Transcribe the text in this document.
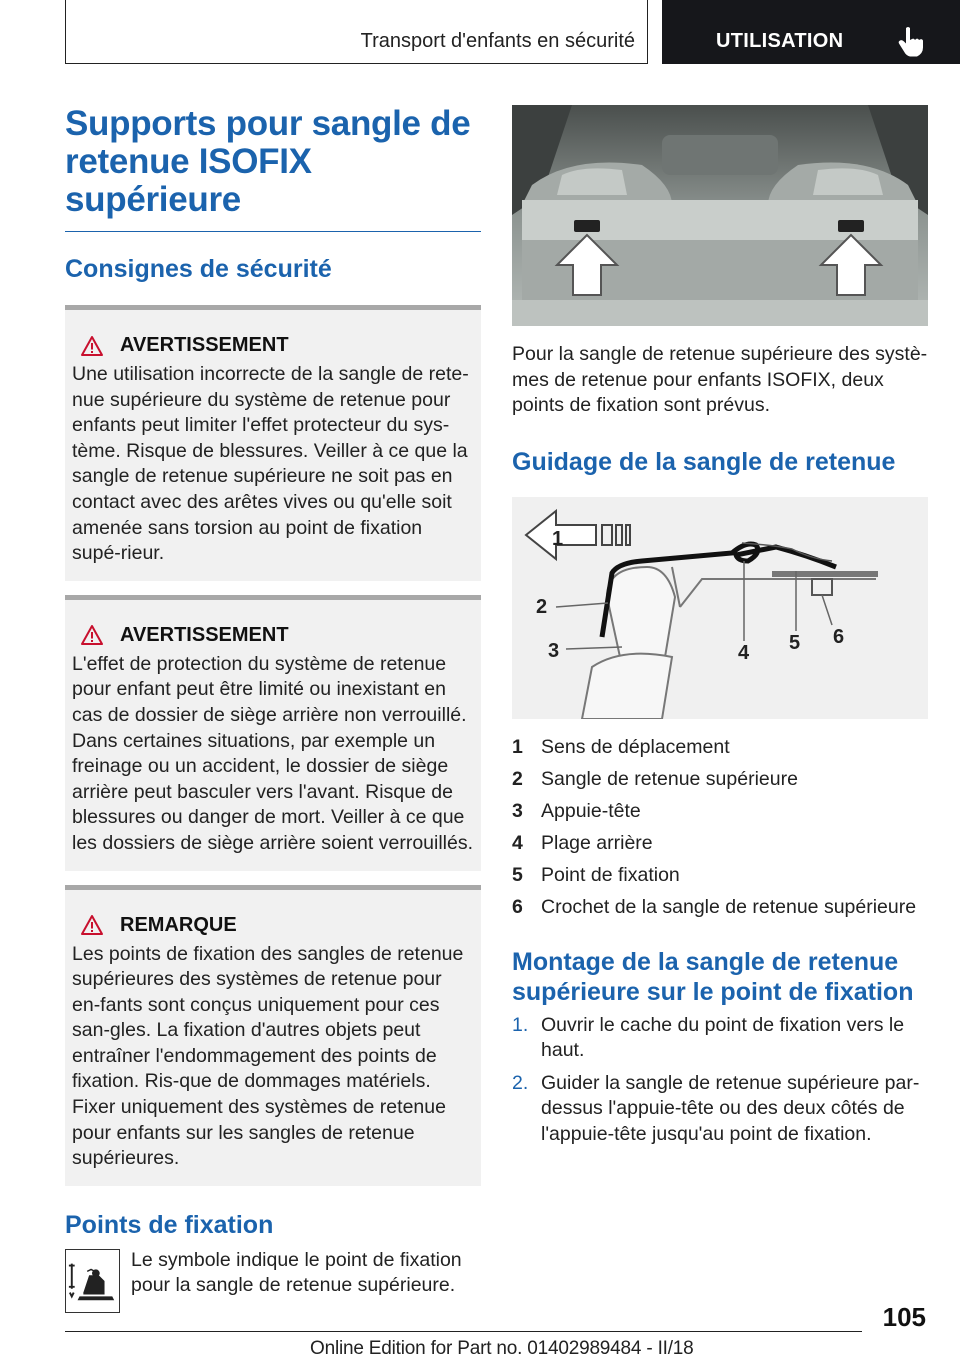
Transport d'enfants en sécurité	UTILISATION
Supports pour sangle de retenue ISOFIX supérieure
Consignes de sécurité
AVERTISSEMENT

Une utilisation incorrecte de la sangle de rete-nue supérieure du système de retenue pour enfants peut limiter l'effet protecteur du sys-tème. Risque de blessures. Veiller à ce que la sangle de retenue supérieure ne soit pas en contact avec des arêtes vives ou qu'elle soit amenée sans torsion au point de fixation supé-rieur.

AVERTISSEMENT

L'effet de protection du système de retenue pour enfant peut être limité ou inexistant en cas de dossier de siège arrière non verrouillé. Dans certaines situations, par exemple un freinage ou un accident, le dossier de siège arrière peut basculer vers l'avant. Risque de blessures ou danger de mort. Veiller à ce que les dossiers de siège arrière soient verrouillés.

REMARQUE

Les points de fixation des sangles de retenue supérieures des systèmes de retenue pour en-fants sont conçus uniquement pour ces san-gles. La fixation d'autres objets peut entraîner l'endommagement des points de fixation. Ris-que de dommages matériels. Fixer uniquement des systèmes de retenue pour enfants sur les sangles de retenue supérieures.

Points de fixation

Le symbole indique le point de fixation pour la sangle de retenue supérieure.

Pour la sangle de retenue supérieure des systè-mes de retenue pour enfants ISOFIX, deux points de fixation sont prévus.

Guidage de la sangle de retenue
1
2
3	4 5 6
1 Sens de déplacement
2 Sangle de retenue supérieure
3 Appuie-tête
4 Plage arrière
5 Point de fixation
6 Crochet de la sangle de retenue supérieure
Montage de la sangle de retenue supérieure sur le point de fixation
1. Ouvrir le cache du point de fixation vers le haut.
2. Guider la sangle de retenue supérieure par-dessus l'appuie-tête ou des deux côtés de l'appuie-tête jusqu'au point de fixation.
105
Online Edition for Part no. 01402989484 - II/18
